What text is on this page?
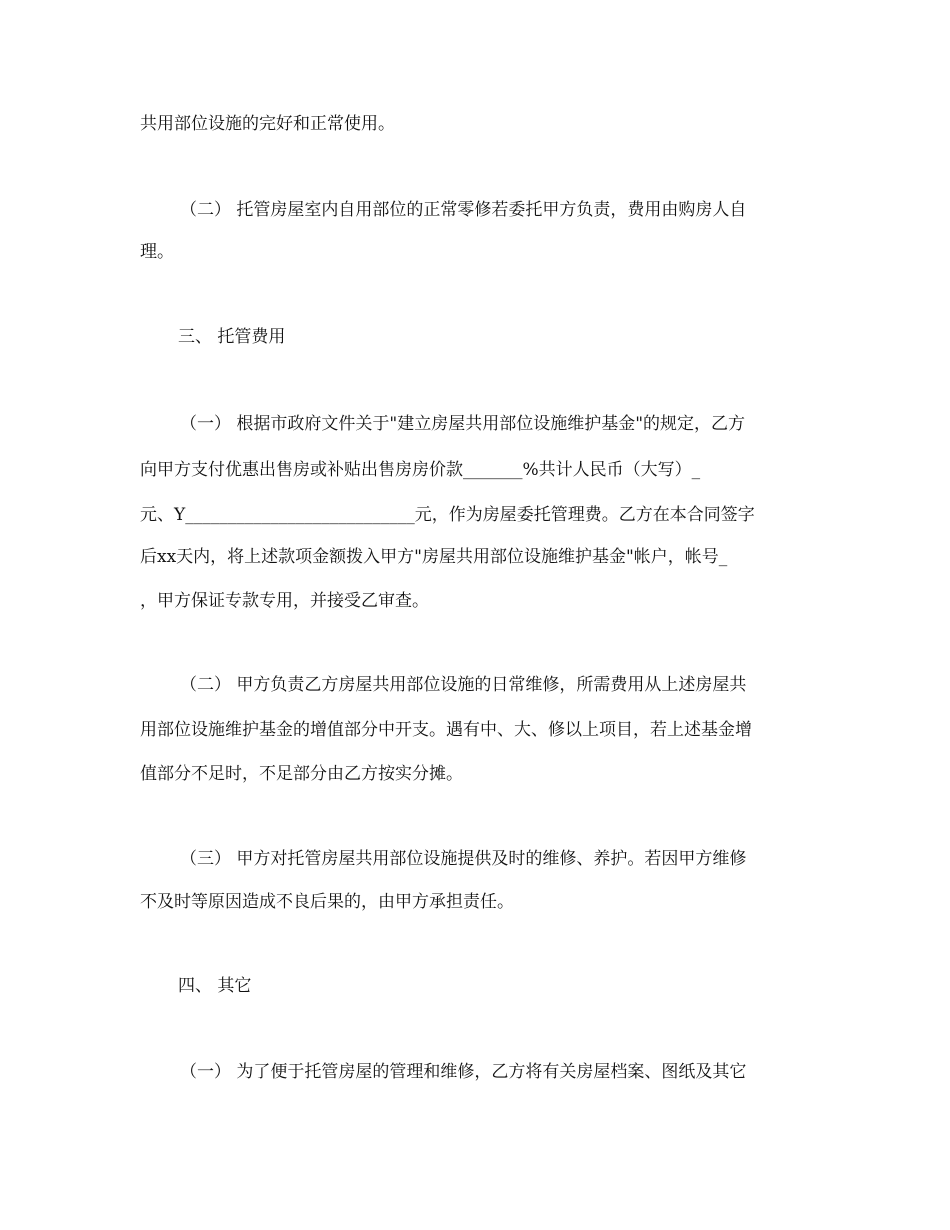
共用部位设施的完好和正常使用。
（二） 托管房屋室内自用部位的正常零修若委托甲方负责，费用由购房人自
理。
三、 托管费用
（一） 根据市政府文件关于"建立房屋共用部位设施维护基金"的规定，乙方
向甲方支付优惠出售房或补贴出售房房价款_______%共计人民币（大写）_
元、Y___________________________元，作为房屋委托管理费。乙方在本合同签字
后xx天内，将上述款项金额拨入甲方"房屋共用部位设施维护基金"帐户，帐号_
，甲方保证专款专用，并接受乙审查。
（二） 甲方负责乙方房屋共用部位设施的日常维修，所需费用从上述房屋共
用部位设施维护基金的增值部分中开支。遇有中、大、修以上项目，若上述基金增
值部分不足时，不足部分由乙方按实分摊。
（三） 甲方对托管房屋共用部位设施提供及时的维修、养护。若因甲方维修
不及时等原因造成不良后果的，由甲方承担责任。
四、 其它
（一） 为了便于托管房屋的管理和维修，乙方将有关房屋档案、图纸及其它
